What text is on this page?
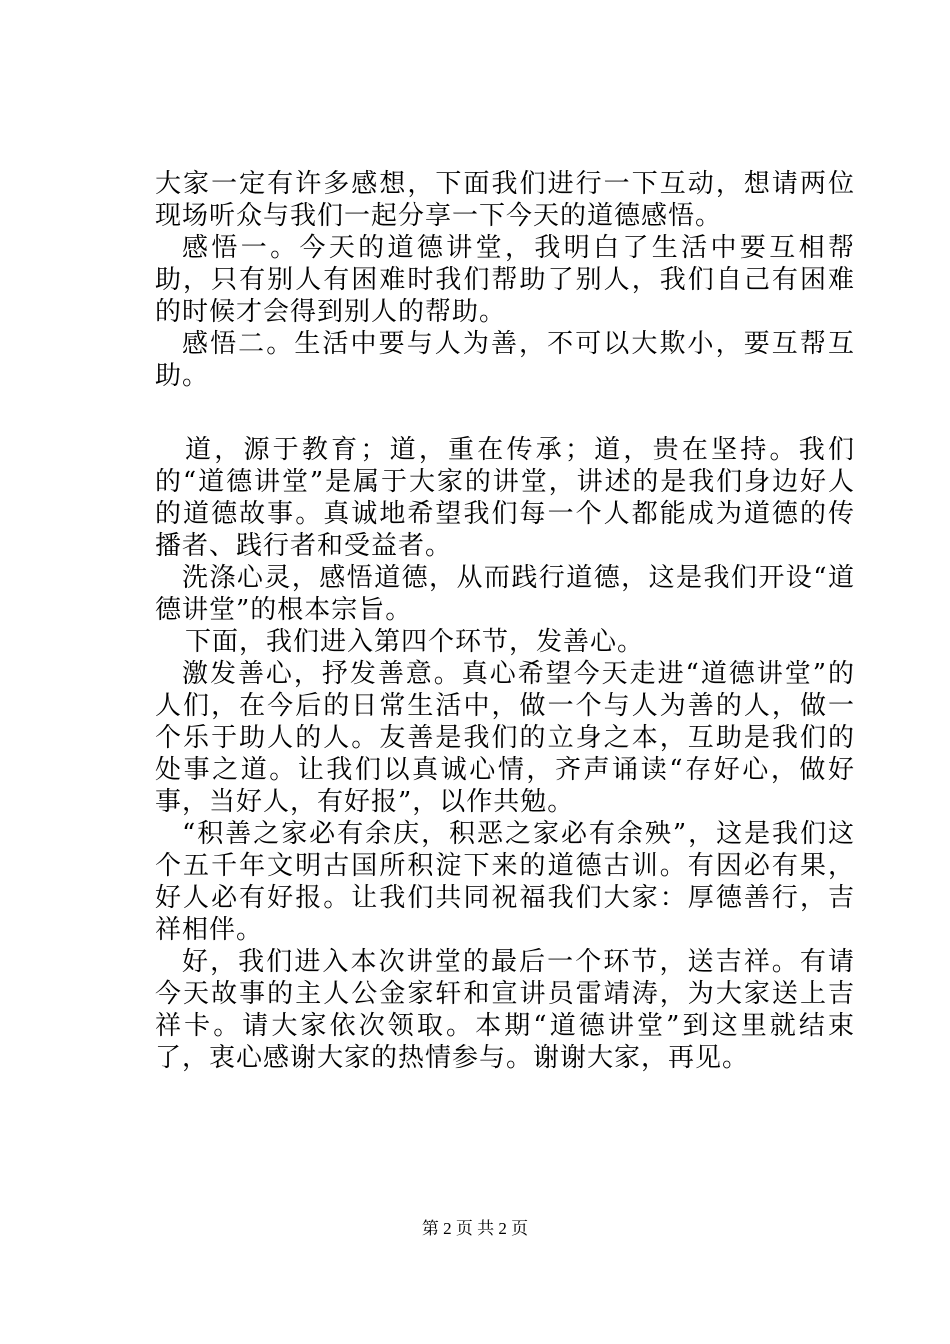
大家一定有许多感想，下面我们进行一下互动，想请两位现场听众与我们一起分享一下今天的道德感悟。

感悟一。今天的道德讲堂，我明白了生活中要互相帮助，只有别人有困难时我们帮助了别人，我们自己有困难的时候才会得到别人的帮助。

感悟二。生活中要与人为善，不可以大欺小，要互帮互助。

道，源于教育；道，重在传承；道，贵在坚持。我们的“道德讲堂”是属于大家的讲堂，讲述的是我们身边好人的道德故事。真诚地希望我们每一个人都能成为道德的传播者、践行者和受益者。

洗涤心灵，感悟道德，从而践行道德，这是我们开设“道德讲堂”的根本宗旨。

下面，我们进入第四个环节，发善心。

激发善心，抒发善意。真心希望今天走进“道德讲堂”的人们，在今后的日常生活中，做一个与人为善的人，做一个乐于助人的人。友善是我们的立身之本，互助是我们的处事之道。让我们以真诚心情，齐声诵读“存好心，做好事，当好人，有好报”，以作共勉。

“积善之家必有余庆，积恶之家必有余殃”，这是我们这个五千年文明古国所积淀下来的道德古训。有因必有果，好人必有好报。让我们共同祝福我们大家：厚德善行，吉祥相伴。

好，我们进入本次讲堂的最后一个环节，送吉祥。有请今天故事的主人公金家轩和宣讲员雷靖涛，为大家送上吉祥卡。请大家依次领取。本期“道德讲堂”到这里就结束了，衷心感谢大家的热情参与。谢谢大家，再见。

第 2 页 共 2 页
